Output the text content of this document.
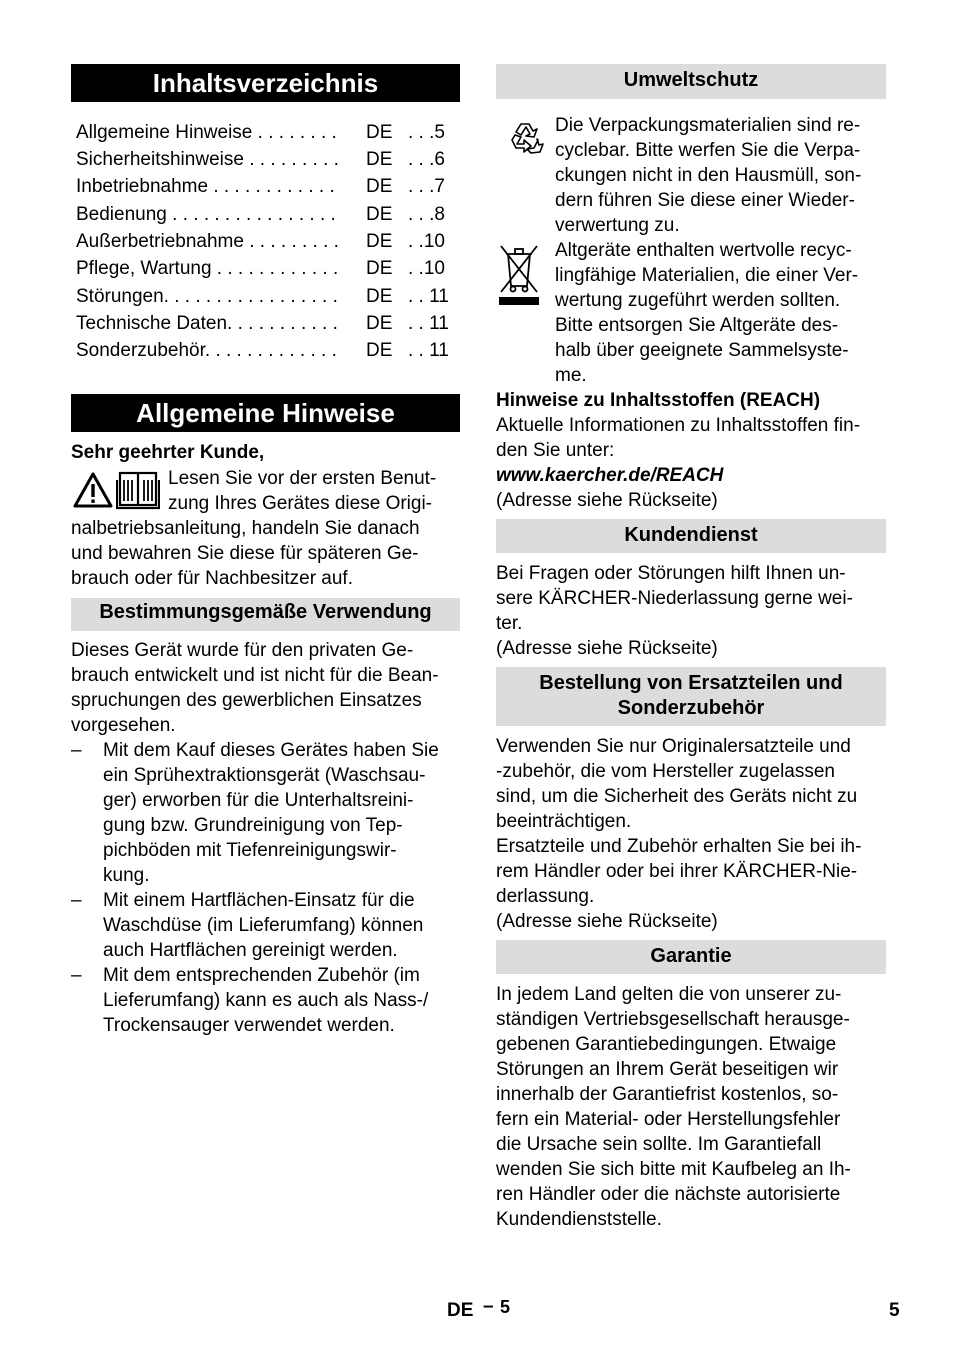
Inhaltsverzeichnis
Allgemeine Hinweise . . . . . . . . DE . . .5
Sicherheitshinweise . . . . . . . . . DE . . .6
Inbetriebnahme . . . . . . . . . . . . DE . . .7
Bedienung . . . . . . . . . . . . . . . . DE . . .8
Außerbetriebnahme . . . . . . . . . DE . .10
Pflege, Wartung . . . . . . . . . . . . DE . .10
Störungen. . . . . . . . . . . . . . . . . DE . . 11
Technische Daten. . . . . . . . . . . DE . . 11
Sonderzubehör. . . . . . . . . . . . . DE . . 11
Allgemeine Hinweise
Sehr geehrter Kunde,
Lesen Sie vor der ersten Benut-
zung Ihres Gerätes diese Origi-
nalbetriebsanleitung, handeln Sie danach
und bewahren Sie diese für späteren Ge-
brauch oder für Nachbesitzer auf.
Bestimmungsgemäße Verwendung
Dieses Gerät wurde für den privaten Ge-
brauch entwickelt und ist nicht für die Bean-
spruchungen des gewerblichen Einsatzes
vorgesehen.
– Mit dem Kauf dieses Gerätes haben Sie
ein Sprühextraktionsgerät (Waschsau-
ger) erworben für die Unterhaltsreini-
gung bzw. Grundreinigung von Tep-
pichböden mit Tiefenreinigungswir-
kung.
– Mit einem Hartflächen-Einsatz für die
Waschdüse (im Lieferumfang) können
auch Hartflächen gereinigt werden.
– Mit dem entsprechenden Zubehör (im
Lieferumfang) kann es auch als Nass-/
Trockensauger verwendet werden.
Umweltschutz
Die Verpackungsmaterialien sind re-
cyclebar. Bitte werfen Sie die Verpa-
ckungen nicht in den Hausmüll, son-
dern führen Sie diese einer Wieder-
verwertung zu.
Altgeräte enthalten wertvolle recyc-
lingfähige Materialien, die einer Ver-
wertung zugeführt werden sollten.
Bitte entsorgen Sie Altgeräte des-
halb über geeignete Sammelsyste-
me.
Hinweise zu Inhaltsstoffen (REACH)
Aktuelle Informationen zu Inhaltsstoffen fin-
den Sie unter:
www.kaercher.de/REACH
(Adresse siehe Rückseite)
Kundendienst
Bei Fragen oder Störungen hilft Ihnen un-
sere KÄRCHER-Niederlassung gerne wei-
ter.
(Adresse siehe Rückseite)
Bestellung von Ersatzteilen und
Sonderzubehör
Verwenden Sie nur Originalersatzteile und
-zubehör, die vom Hersteller zugelassen
sind, um die Sicherheit des Geräts nicht zu
beeinträchtigen.
Ersatzteile und Zubehör erhalten Sie bei ih-
rem Händler oder bei ihrer KÄRCHER-Nie-
derlassung.
(Adresse siehe Rückseite)
Garantie
In jedem Land gelten die von unserer zu-
ständigen Vertriebsgesellschaft herausge-
gebenen Garantiebedingungen. Etwaige
Störungen an Ihrem Gerät beseitigen wir
innerhalb der Garantiefrist kostenlos, so-
fern ein Material- oder Herstellungsfehler
die Ursache sein sollte. Im Garantiefall
wenden Sie sich bitte mit Kaufbeleg an Ih-
ren Händler oder die nächste autorisierte
Kundendienststelle.
DE – 5	5
